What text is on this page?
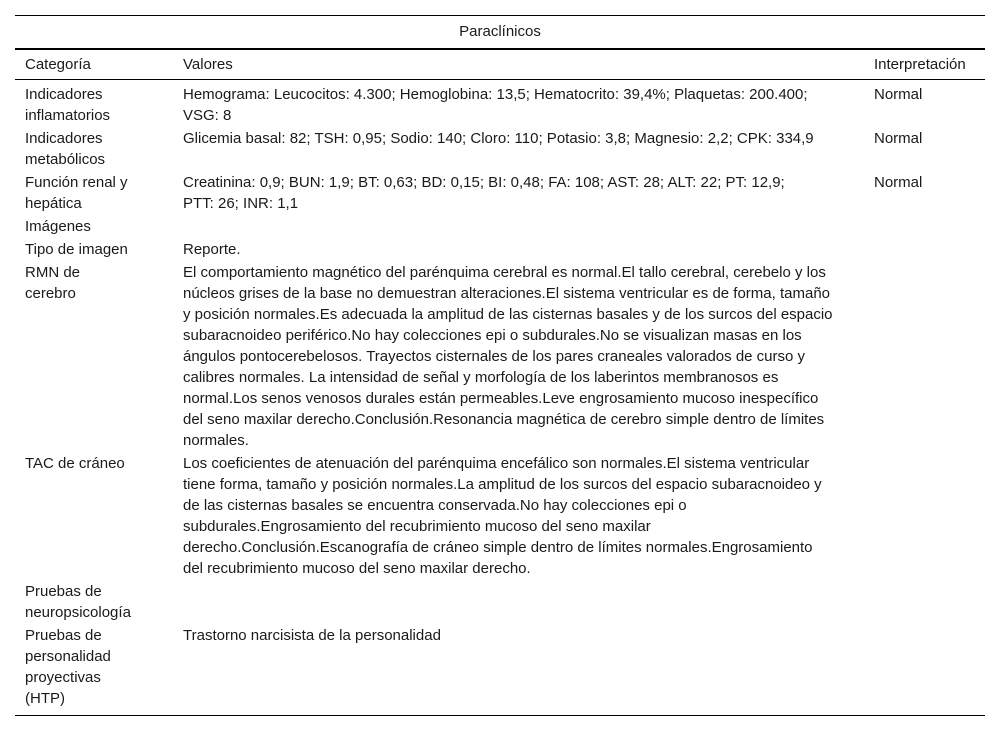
Paraclínicos
Categoría	Valores	Interpretación
Indicadores inflamatorios	Hemograma: Leucocitos: 4.300; Hemoglobina: 13,5; Hematocrito: 39,4%; Plaquetas: 200.400; VSG: 8	Normal
Indicadores metabólicos	Glicemia basal: 82; TSH: 0,95; Sodio: 140; Cloro: 110; Potasio: 3,8; Magnesio: 2,2; CPK: 334,9	Normal
Función renal y hepática	Creatinina: 0,9; BUN: 1,9; BT: 0,63; BD: 0,15; BI: 0,48; FA: 108; AST: 28; ALT: 22; PT: 12,9; PTT: 26; INR: 1,1	Normal
Imágenes		
Tipo de imagen	Reporte.	
RMN de cerebro	El comportamiento magnético del parénquima cerebral es normal.El tallo cerebral, cerebelo y los núcleos grises de la base no demuestran alteraciones.El sistema ventricular es de forma, tamaño y posición normales.Es adecuada la amplitud de las cisternas basales y de los surcos del espacio subaracnoideo periférico.No hay colecciones epi o subdurales.No se visualizan masas en los ángulos pontocerebelosos. Trayectos cisternales de los pares craneales valorados de curso y calibres normales. La intensidad de señal y morfología de los laberintos membranosos es normal.Los senos venosos durales están permeables.Leve engrosamiento mucoso inespecífico del seno maxilar derecho.Conclusión.Resonancia magnética de cerebro simple dentro de límites normales.	
TAC de cráneo	Los coeficientes de atenuación del parénquima encefálico son normales.El sistema ventricular tiene forma, tamaño y posición normales.La amplitud de los surcos del espacio subaracnoideo y de las cisternas basales se encuentra conservada.No hay colecciones epi o subdurales.Engrosamiento del recubrimiento mucoso del seno maxilar derecho.Conclusión.Escanografía de cráneo simple dentro de límites normales.Engrosamiento del recubrimiento mucoso del seno maxilar derecho.	
Pruebas de neuropsicología		
Pruebas de personalidad proyectivas (HTP)	Trastorno narcisista de la personalidad	
